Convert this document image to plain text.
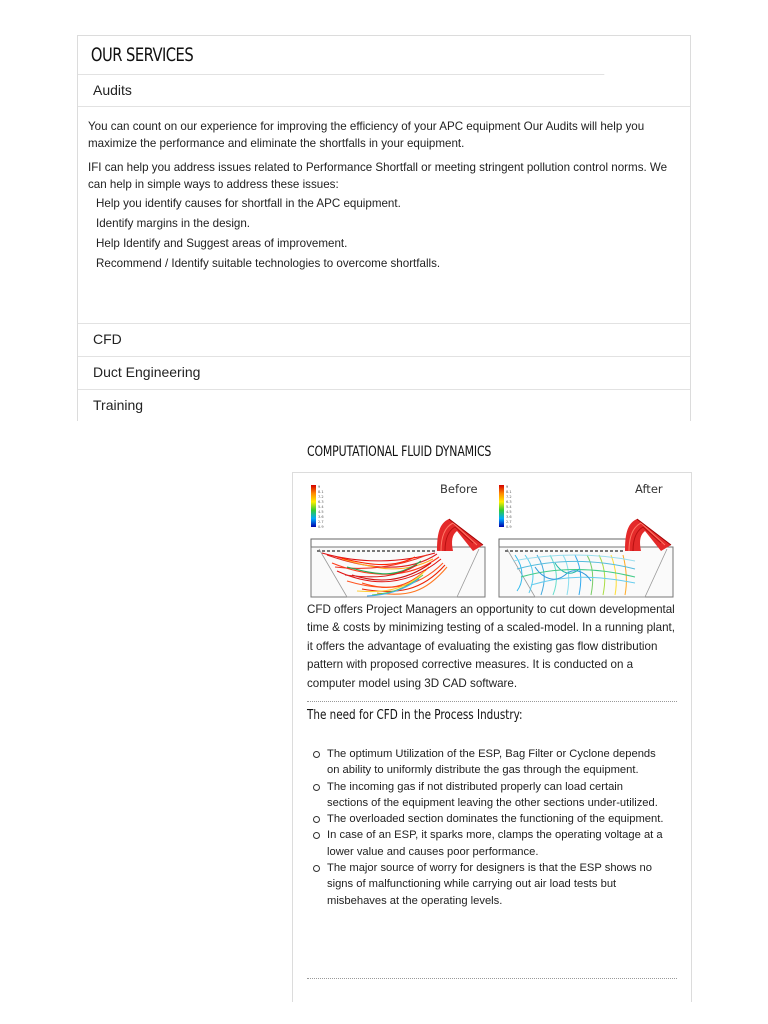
OUR SERVICES
Audits

You can count on our experience for improving the efficiency of your APC equipment Our Audits will help you maximize the performance and eliminate the shortfalls in your equipment.

IFI can help you address issues related to Performance Shortfall or meeting stringent pollution control norms. We can help in simple ways to address these issues:

Help you identify causes for shortfall in the APC equipment.
Identify margins in the design.
Help Identify and Suggest areas of improvement.
Recommend / Identify suitable technologies to overcome shortfalls.
CFD
Duct Engineering
Training
COMPUTATIONAL FLUID DYNAMICS
9
8.1
7.2
6.3
5.4
4.5
3.6
2.7
0.9
Before	9
8.1
7.2
6.3
5.4
4.5
3.6
2.7
0.9
After
CFD offers Project Managers an opportunity to cut down developmental time & costs by minimizing testing of a scaled-model. In a running plant, it offers the advantage of evaluating the existing gas flow distribution pattern with proposed corrective measures. It is conducted on a computer model using 3D CAD software.
The need for CFD in the Process Industry:
The optimum Utilization of the ESP, Bag Filter or Cyclone depends on ability to uniformly distribute the gas through the equipment.
The incoming gas if not distributed properly can load certain sections of the equipment leaving the other sections under-utilized.
The overloaded section dominates the functioning of the equipment.
In case of an ESP, it sparks more, clamps the operating voltage at a lower value and causes poor performance.
The major source of worry for designers is that the ESP shows no signs of malfunctioning while carrying out air load tests but misbehaves at the operating levels.
